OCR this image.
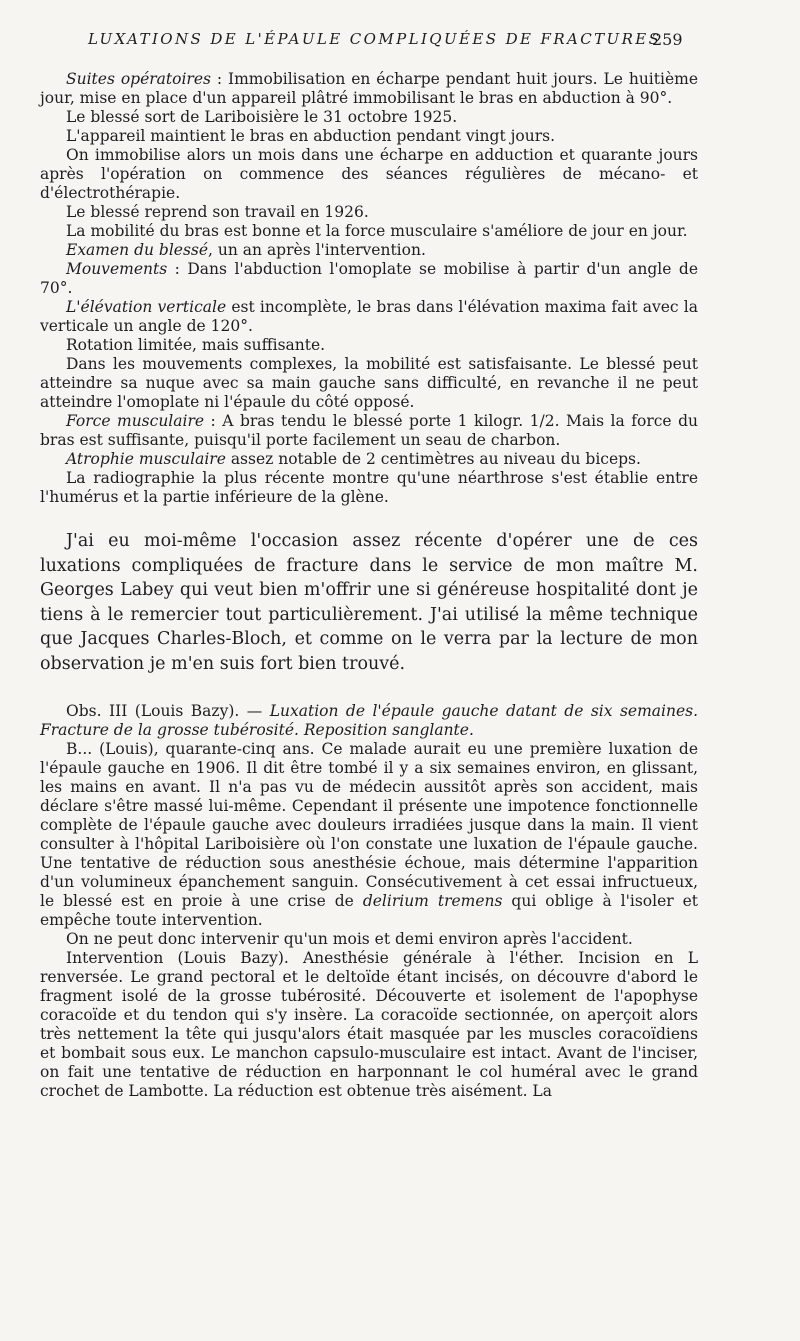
LUXATIONS DE L'ÉPAULE COMPLIQUÉES DE FRACTURES
259

Suites opératoires : Immobilisation en écharpe pendant huit jours. Le huitième jour, mise en place d'un appareil plâtré immobilisant le bras en abduction à 90°.

Le blessé sort de Lariboisière le 31 octobre 1925.

L'appareil maintient le bras en abduction pendant vingt jours.

On immobilise alors un mois dans une écharpe en adduction et quarante jours après l'opération on commence des séances régulières de mécano- et d'électrothérapie.

Le blessé reprend son travail en 1926.

La mobilité du bras est bonne et la force musculaire s'améliore de jour en jour.

Examen du blessé, un an après l'intervention.

Mouvements : Dans l'abduction l'omoplate se mobilise à partir d'un angle de 70°.

L'élévation verticale est incomplète, le bras dans l'élévation maxima fait avec la verticale un angle de 120°.

Rotation limitée, mais suffisante.

Dans les mouvements complexes, la mobilité est satisfaisante. Le blessé peut atteindre sa nuque avec sa main gauche sans difficulté, en revanche il ne peut atteindre l'omoplate ni l'épaule du côté opposé.

Force musculaire : A bras tendu le blessé porte 1 kilogr. 1/2. Mais la force du bras est suffisante, puisqu'il porte facilement un seau de charbon.

Atrophie musculaire assez notable de 2 centimètres au niveau du biceps.

La radiographie la plus récente montre qu'une néarthrose s'est établie entre l'humérus et la partie inférieure de la glène.

J'ai eu moi-même l'occasion assez récente d'opérer une de ces luxations compliquées de fracture dans le service de mon maître M. Georges Labey qui veut bien m'offrir une si généreuse hospitalité dont je tiens à le remercier tout particulièrement. J'ai utilisé la même technique que Jacques Charles-Bloch, et comme on le verra par la lecture de mon observation je m'en suis fort bien trouvé.

Obs. III (Louis Bazy). — Luxation de l'épaule gauche datant de six semaines. Fracture de la grosse tubérosité. Reposition sanglante.

B... (Louis), quarante-cinq ans. Ce malade aurait eu une première luxation de l'épaule gauche en 1906. Il dit être tombé il y a six semaines environ, en glissant, les mains en avant. Il n'a pas vu de médecin aussitôt après son accident, mais déclare s'être massé lui-même. Cependant il présente une impotence fonctionnelle complète de l'épaule gauche avec douleurs irradiées jusque dans la main. Il vient consulter à l'hôpital Lariboisière où l'on constate une luxation de l'épaule gauche. Une tentative de réduction sous anesthésie échoue, mais détermine l'apparition d'un volumineux épanchement sanguin. Consécutivement à cet essai infructueux, le blessé est en proie à une crise de delirium tremens qui oblige à l'isoler et empêche toute intervention.

On ne peut donc intervenir qu'un mois et demi environ après l'accident.

Intervention (Louis Bazy). Anesthésie générale à l'éther. Incision en L renversée. Le grand pectoral et le deltoïde étant incisés, on découvre d'abord le fragment isolé de la grosse tubérosité. Découverte et isolement de l'apophyse coracoïde et du tendon qui s'y insère. La coracoïde sectionnée, on aperçoit alors très nettement la tête qui jusqu'alors était masquée par les muscles coracoïdiens et bombait sous eux. Le manchon capsulo-musculaire est intact. Avant de l'inciser, on fait une tentative de réduction en harponnant le col huméral avec le grand crochet de Lambotte. La réduction est obtenue très aisément. La
